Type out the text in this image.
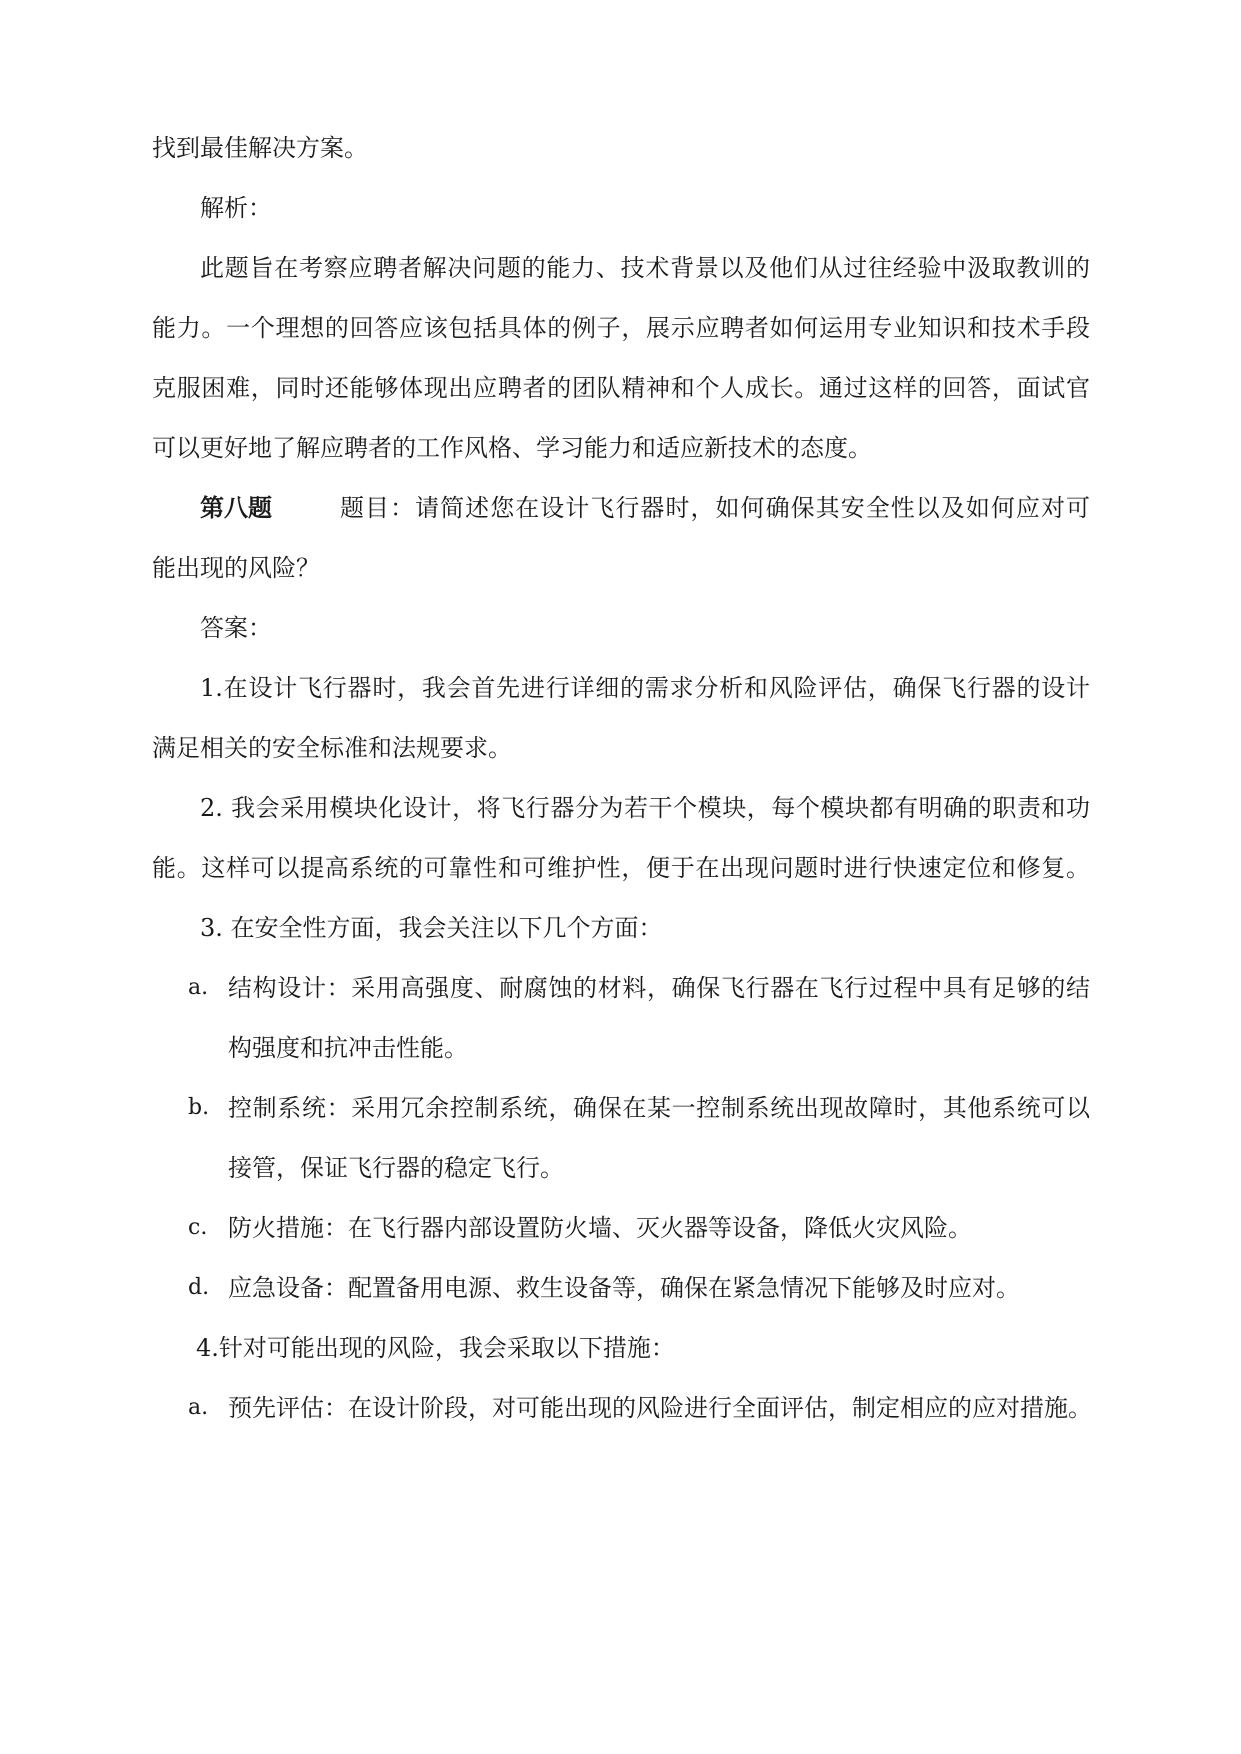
找到最佳解决方案。
解析：
此题旨在考察应聘者解决问题的能力、技术背景以及他们从过往经验中汲取教训的
能力。一个理想的回答应该包括具体的例子，展示应聘者如何运用专业知识和技术手段
克服困难，同时还能够体现出应聘者的团队精神和个人成长。通过这样的回答，面试官
可以更好地了解应聘者的工作风格、学习能力和适应新技术的态度。
第八题	题目：请简述您在设计飞行器时，如何确保其安全性以及如何应对可
能出现的风险？
答案：
1.在设计飞行器时，我会首先进行详细的需求分析和风险评估，确保飞行器的设计
满足相关的安全标准和法规要求。
2. 我会采用模块化设计，将飞行器分为若干个模块，每个模块都有明确的职责和功
能。这样可以提高系统的可靠性和可维护性，便于在出现问题时进行快速定位和修复。
3. 在安全性方面，我会关注以下几个方面：
a. 结构设计：采用高强度、耐腐蚀的材料，确保飞行器在飞行过程中具有足够的结
构强度和抗冲击性能。
b. 控制系统：采用冗余控制系统，确保在某一控制系统出现故障时，其他系统可以
接管，保证飞行器的稳定飞行。
c. 防火措施：在飞行器内部设置防火墙、灭火器等设备，降低火灾风险。
d. 应急设备：配置备用电源、救生设备等，确保在紧急情况下能够及时应对。
4.针对可能出现的风险，我会采取以下措施：
a. 预先评估：在设计阶段，对可能出现的风险进行全面评估，制定相应的应对措施。
